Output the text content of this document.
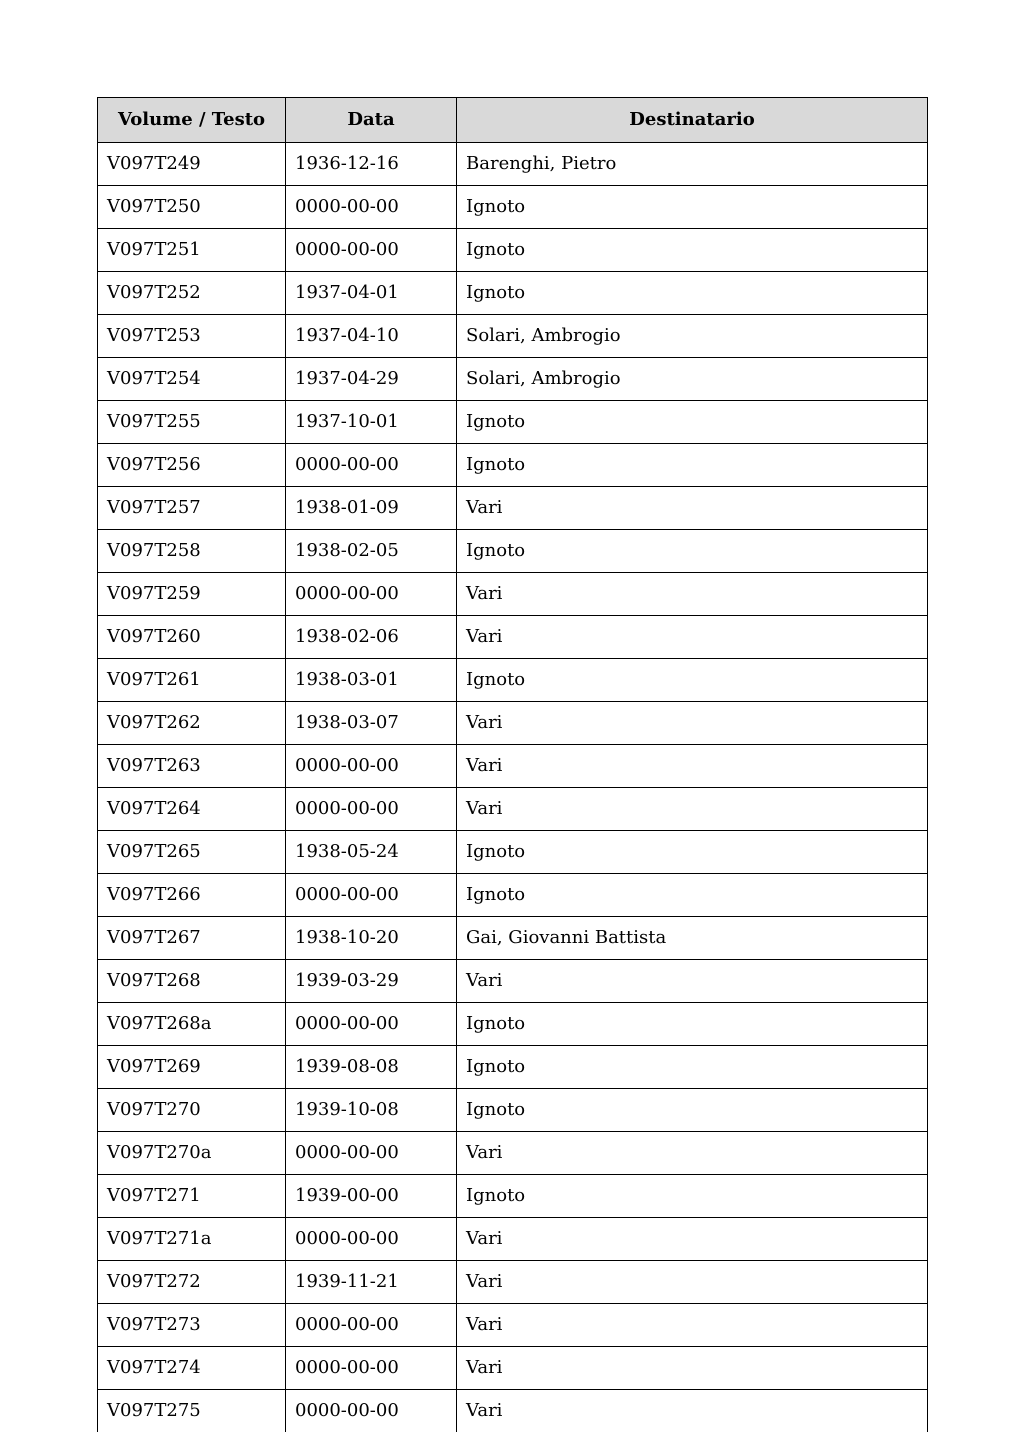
Volume / Testo	Data	Destinatario
V097T249	1936-12-16	Barenghi, Pietro
V097T250	0000-00-00	Ignoto
V097T251	0000-00-00	Ignoto
V097T252	1937-04-01	Ignoto
V097T253	1937-04-10	Solari, Ambrogio
V097T254	1937-04-29	Solari, Ambrogio
V097T255	1937-10-01	Ignoto
V097T256	0000-00-00	Ignoto
V097T257	1938-01-09	Vari
V097T258	1938-02-05	Ignoto
V097T259	0000-00-00	Vari
V097T260	1938-02-06	Vari
V097T261	1938-03-01	Ignoto
V097T262	1938-03-07	Vari
V097T263	0000-00-00	Vari
V097T264	0000-00-00	Vari
V097T265	1938-05-24	Ignoto
V097T266	0000-00-00	Ignoto
V097T267	1938-10-20	Gai, Giovanni Battista
V097T268	1939-03-29	Vari
V097T268a	0000-00-00	Ignoto
V097T269	1939-08-08	Ignoto
V097T270	1939-10-08	Ignoto
V097T270a	0000-00-00	Vari
V097T271	1939-00-00	Ignoto
V097T271a	0000-00-00	Vari
V097T272	1939-11-21	Vari
V097T273	0000-00-00	Vari
V097T274	0000-00-00	Vari
V097T275	0000-00-00	Vari
